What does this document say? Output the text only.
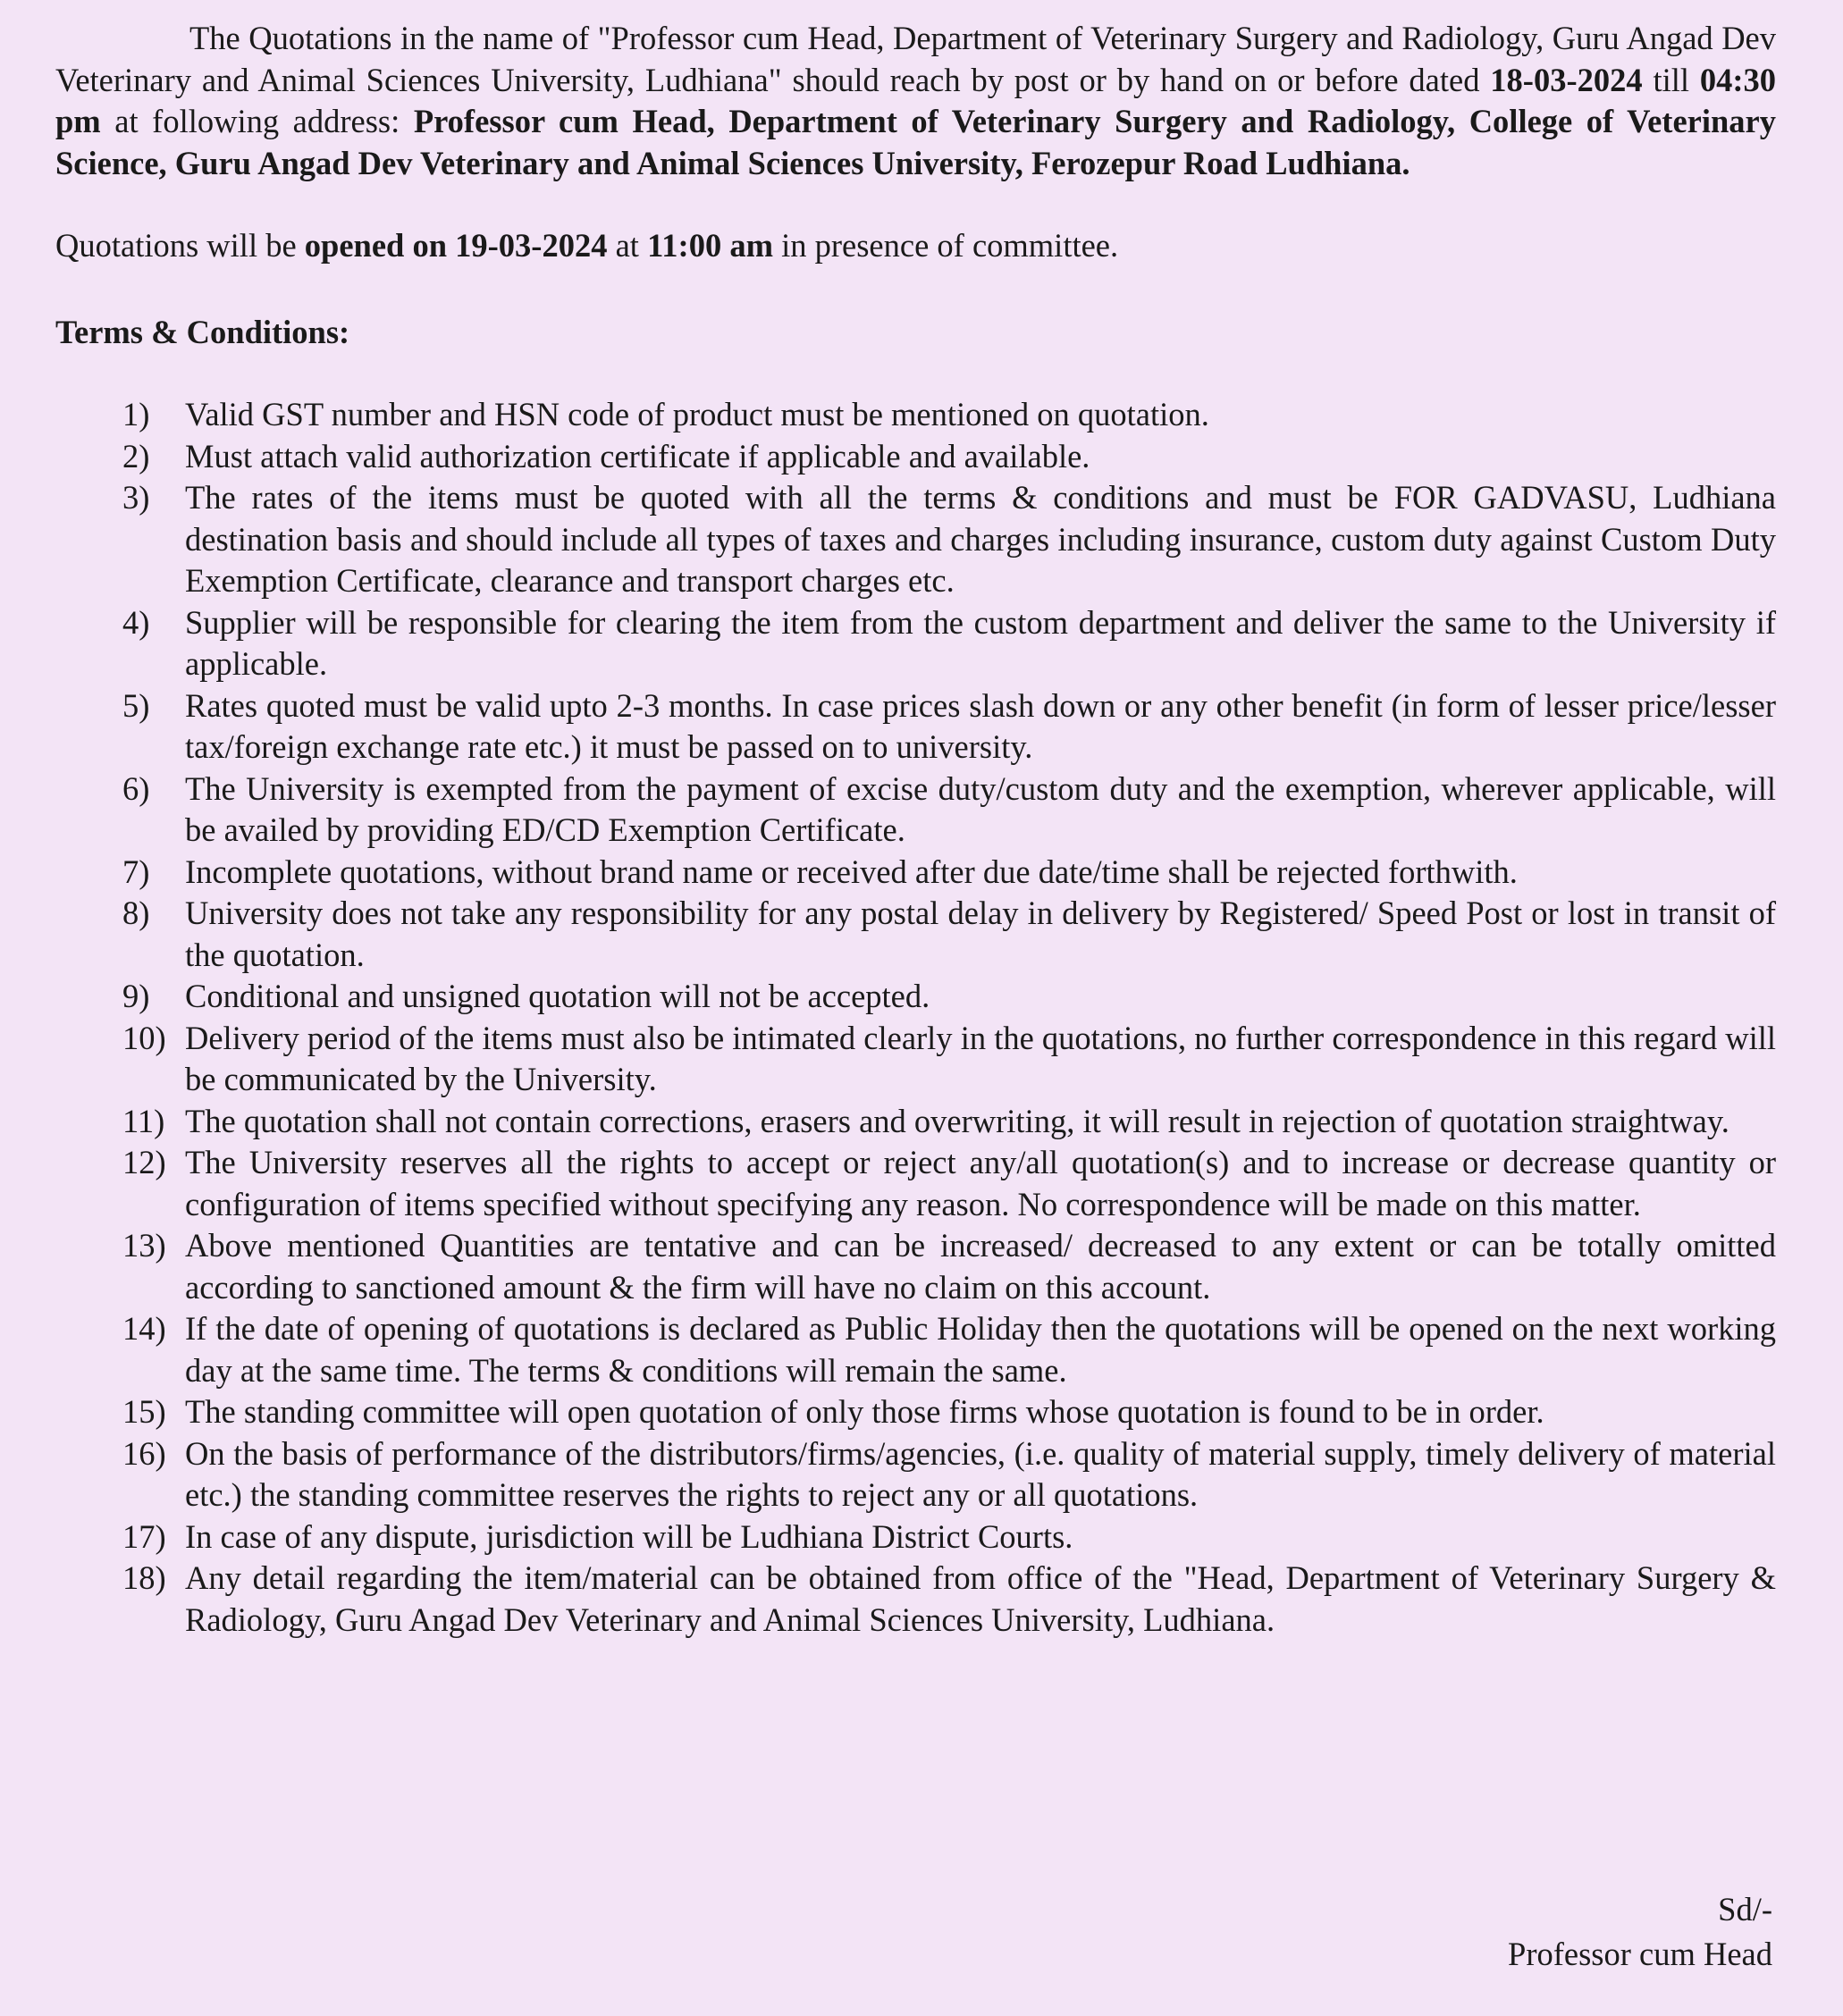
The Quotations in the name of "Professor cum Head, Department of Veterinary Surgery and Radiology, Guru Angad Dev Veterinary and Animal Sciences University, Ludhiana" should reach by post or by hand on or before dated 18-03-2024 till 04:30 pm at following address: Professor cum Head, Department of Veterinary Surgery and Radiology, College of Veterinary Science, Guru Angad Dev Veterinary and Animal Sciences University, Ferozepur Road Ludhiana.

Quotations will be opened on 19-03-2024 at 11:00 am in presence of committee.

Terms & Conditions:

1)	Valid GST number and HSN code of product must be mentioned on quotation.
2)	Must attach valid authorization certificate if applicable and available.
3)	The rates of the items must be quoted with all the terms & conditions and must be FOR GADVASU, Ludhiana destination basis and should include all types of taxes and charges including insurance, custom duty against Custom Duty Exemption Certificate, clearance and transport charges etc.
4)	Supplier will be responsible for clearing the item from the custom department and deliver the same to the University if applicable.
5)	Rates quoted must be valid upto 2-3 months. In case prices slash down or any other benefit (in form of lesser price/lesser tax/foreign exchange rate etc.) it must be passed on to university.
6)	The University is exempted from the payment of excise duty/custom duty and the exemption, wherever applicable, will be availed by providing ED/CD Exemption Certificate.
7)	Incomplete quotations, without brand name or received after due date/time shall be rejected forthwith.
8)	University does not take any responsibility for any postal delay in delivery by Registered/ Speed Post or lost in transit of the quotation.
9)	Conditional and unsigned quotation will not be accepted.
10) Delivery period of the items must also be intimated clearly in the quotations, no further correspondence in this regard will be communicated by the University.
11) The quotation shall not contain corrections, erasers and overwriting, it will result in rejection of quotation straightway.
12) The University reserves all the rights to accept or reject any/all quotation(s) and to increase or decrease quantity or configuration of items specified without specifying any reason. No correspondence will be made on this matter.
13) Above mentioned Quantities are tentative and can be increased/ decreased to any extent or can be totally omitted according to sanctioned amount & the firm will have no claim on this account.
14) If the date of opening of quotations is declared as Public Holiday then the quotations will be opened on the next working day at the same time. The terms & conditions will remain the same.
15) The standing committee will open quotation of only those firms whose quotation is found to be in order.
16) On the basis of performance of the distributors/firms/agencies, (i.e. quality of material supply, timely delivery of material etc.) the standing committee reserves the rights to reject any or all quotations.
17) In case of any dispute, jurisdiction will be Ludhiana District Courts.
18) Any detail regarding the item/material can be obtained from office of the "Head, Department of Veterinary Surgery & Radiology, Guru Angad Dev Veterinary and Animal Sciences University, Ludhiana.
Sd/-
Professor cum Head
